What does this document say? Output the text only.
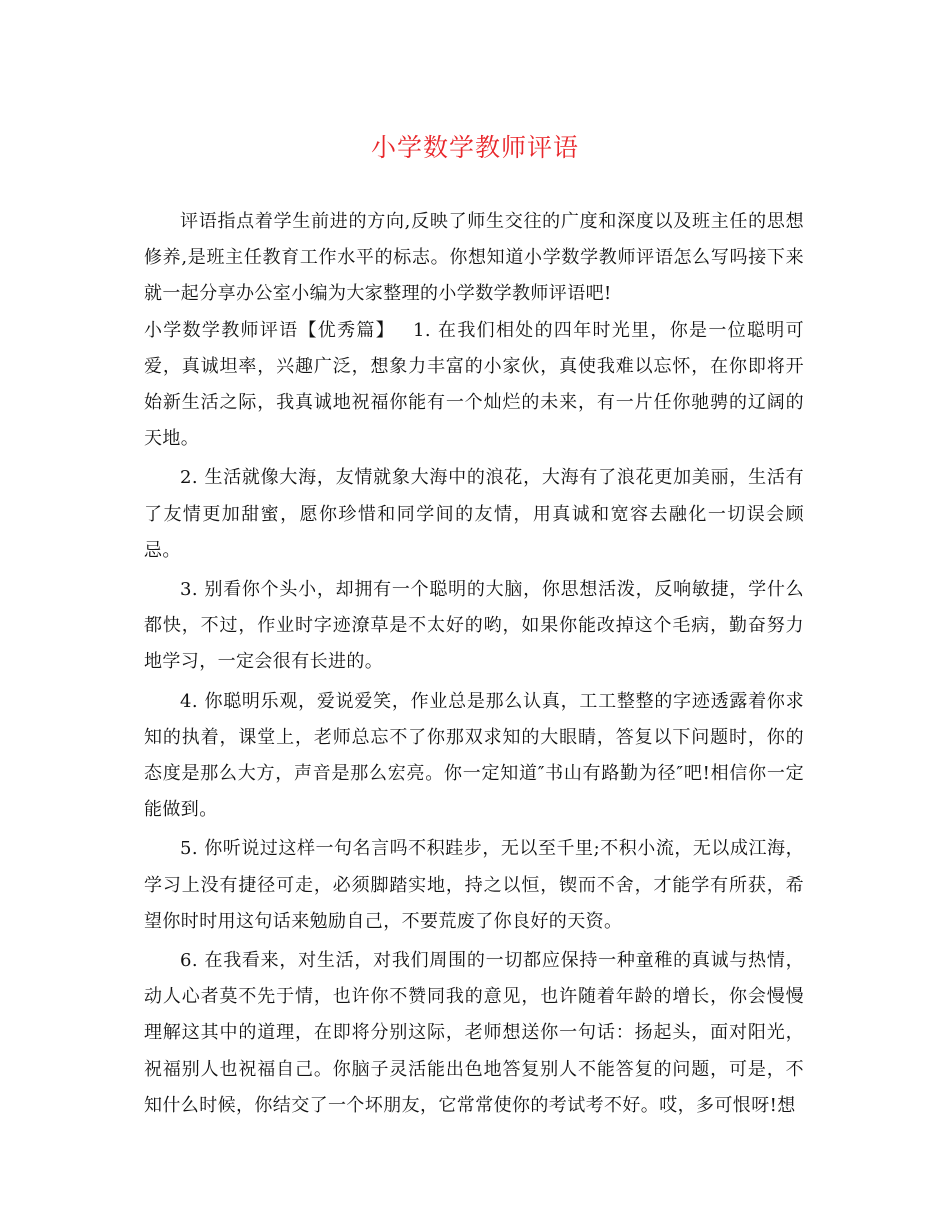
小学数学教师评语

评语指点着学生前进的方向,反映了师生交往的广度和深度以及班主任的思想修养,是班主任教育工作水平的标志。你想知道小学数学教师评语怎么写吗接下来就一起分享办公室小编为大家整理的小学数学教师评语吧!

小学数学教师评语【优秀篇】 1. 在我们相处的四年时光里，你是一位聪明可爱，真诚坦率，兴趣广泛，想象力丰富的小家伙，真使我难以忘怀，在你即将开始新生活之际，我真诚地祝福你能有一个灿烂的未来，有一片任你驰骋的辽阔的天地。

2. 生活就像大海，友情就象大海中的浪花，大海有了浪花更加美丽，生活有了友情更加甜蜜，愿你珍惜和同学间的友情，用真诚和宽容去融化一切误会顾忌。

3. 别看你个头小，却拥有一个聪明的大脑，你思想活泼，反响敏捷，学什么都快，不过，作业时字迹潦草是不太好的哟，如果你能改掉这个毛病，勤奋努力地学习，一定会很有长进的。

4. 你聪明乐观，爱说爱笑，作业总是那么认真，工工整整的字迹透露着你求知的执着，课堂上，老师总忘不了你那双求知的大眼睛，答复以下问题时，你的态度是那么大方，声音是那么宏亮。你一定知道″书山有路勤为径″吧!相信你一定能做到。

5. 你听说过这样一句名言吗不积跬步，无以至千里;不积小流，无以成江海，学习上没有捷径可走，必须脚踏实地，持之以恒，锲而不舍，才能学有所获，希望你时时用这句话来勉励自己，不要荒废了你良好的天资。

6. 在我看来，对生活，对我们周围的一切都应保持一种童稚的真诚与热情，动人心者莫不先于情，也许你不赞同我的意见，也许随着年龄的增长，你会慢慢理解这其中的道理，在即将分别这际，老师想送你一句话：扬起头，面对阳光，祝福别人也祝福自己。你脑子灵活能出色地答复别人不能答复的问题，可是，不知什么时候，你结交了一个坏朋友，它常常使你的考试考不好。哎，多可恨呀!想
